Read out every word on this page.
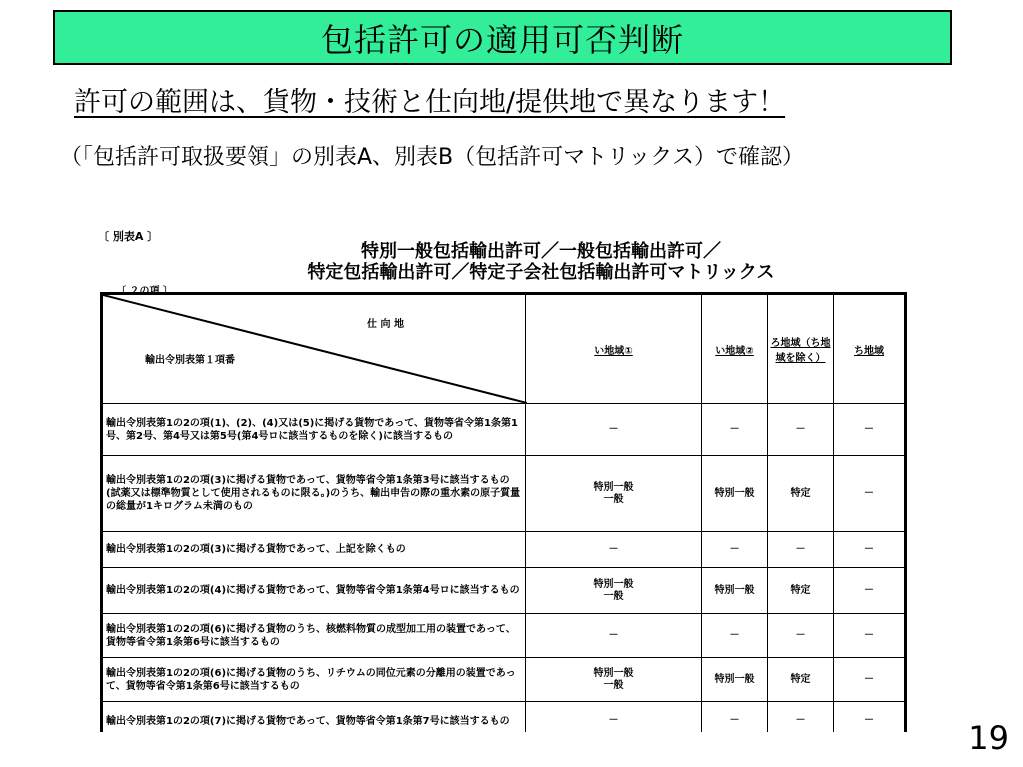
包括許可の適用可否判断
許可の範囲は、貨物・技術と仕向地/提供地で異なります！
（「包括許可取扱要領」の別表A、別表B（包括許可マトリックス）で確認）
〔 別表A 〕
特別一般包括輸出許可／一般包括輸出許可／
特定包括輸出許可／特定子会社包括輸出許可マトリックス
〔 ２の項 〕
仕 向 地
輸出令別表第１項番	い地域①	い地域②	ろ地域（ち地域を除く）	ち地域
輸出令別表第1の2の項(1)、(2)、(4)又は(5)に掲げる貨物であって、貨物等省令第1条第1号、第2号、第4号又は第5号(第4号ロに該当するものを除く)に該当するもの	－	－	－	－
輸出令別表第1の2の項(3)に掲げる貨物であって、貨物等省令第1条第3号に該当するもの(試薬又は標準物質として使用されるものに限る。)のうち、輸出申告の際の重水素の原子質量の総量が1キログラム未満のもの	特別一般
一般	特別一般	特定	－
輸出令別表第1の2の項(3)に掲げる貨物であって、上記を除くもの	－	－	－	－
輸出令別表第1の2の項(4)に掲げる貨物であって、貨物等省令第1条第4号ロに該当するもの	特別一般
一般	特別一般	特定	－
輸出令別表第1の2の項(6)に掲げる貨物のうち、核燃料物質の成型加工用の装置であって、貨物等省令第1条第6号に該当するもの	－	－	－	－
輸出令別表第1の2の項(6)に掲げる貨物のうち、リチウムの同位元素の分離用の装置であって、貨物等省令第1条第6号に該当するもの	特別一般
一般	特別一般	特定	－
輸出令別表第1の2の項(7)に掲げる貨物であって、貨物等省令第1条第7号に該当するもの	－	－	－	－	19
